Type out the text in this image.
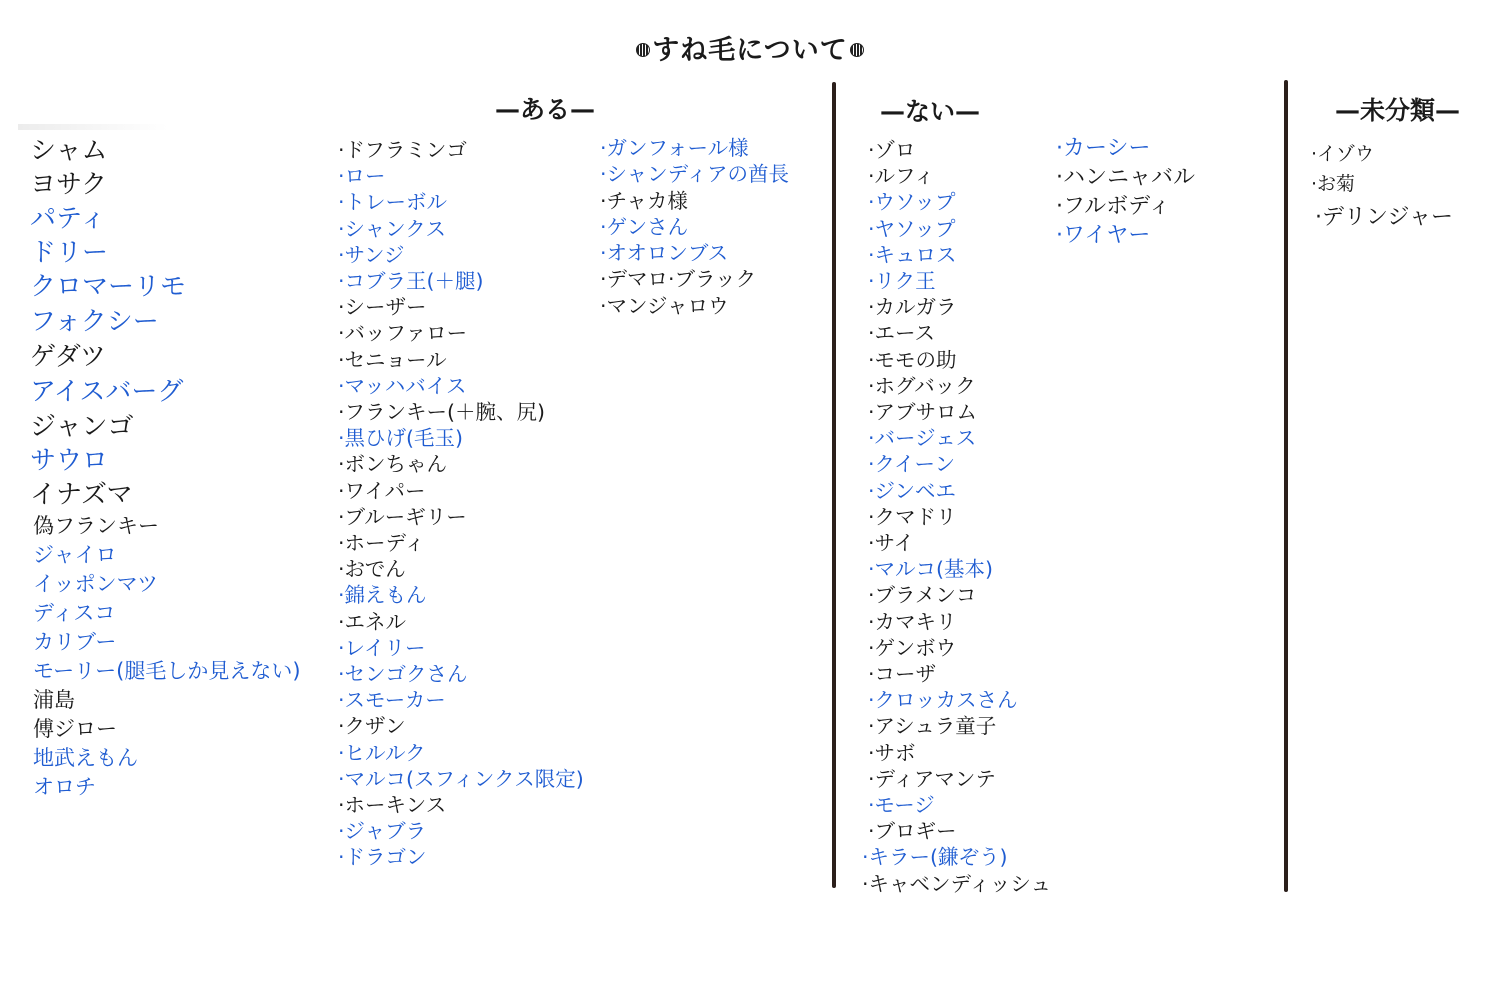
すね毛について
—ある—	—ない—	—未分類—
シャム
ヨサク
パティ
ドリー
クロマーリモ
フォクシー
ゲダツ
アイスバーグ
ジャンゴ
サウロ
イナズマ
偽フランキー
ジャイロ
イッポンマツ
ディスコ
カリブー
モーリー(腿毛しか見えない)
浦島
傅ジロー
地武えもん
オロチ
·ドフラミンゴ
·ロー
·トレーボル
·シャンクス
·サンジ
·コブラ王(＋腿)
·シーザー
·バッファロー
·セニョール
·マッハバイス
·フランキー(＋腕、尻)
·黒ひげ(毛玉)
·ボンちゃん
·ワイパー
·ブルーギリー
·ホーディ
·おでん
·錦えもん
·エネル
·レイリー
·センゴクさん
·スモーカー
·クザン
·ヒルルク
·マルコ(スフィンクス限定)
·ホーキンス
·ジャブラ
·ドラゴン
·ガンフォール様
·シャンディアの酋長
·チャカ様
·ゲンさん
·オオロンブス
·デマロ·ブラック
·マンジャロウ
·ゾロ
·ルフィ
·ウソップ
·ヤソップ
·キュロス
·リク王
·カルガラ
·エース
·モモの助
·ホグバック
·アブサロム
·バージェス
·クイーン
·ジンベエ
·クマドリ
·サイ
·マルコ(基本)
·ブラメンコ
·カマキリ
·ゲンボウ
·コーザ
·クロッカスさん
·アシュラ童子
·サボ
·ディアマンテ
·モージ
·ブロギー
·キラー(鎌ぞう)
·キャベンディッシュ
·カーシー
·ハンニャバル
·フルボディ
·ワイヤー
·イゾウ
·お菊
·デリンジャー
